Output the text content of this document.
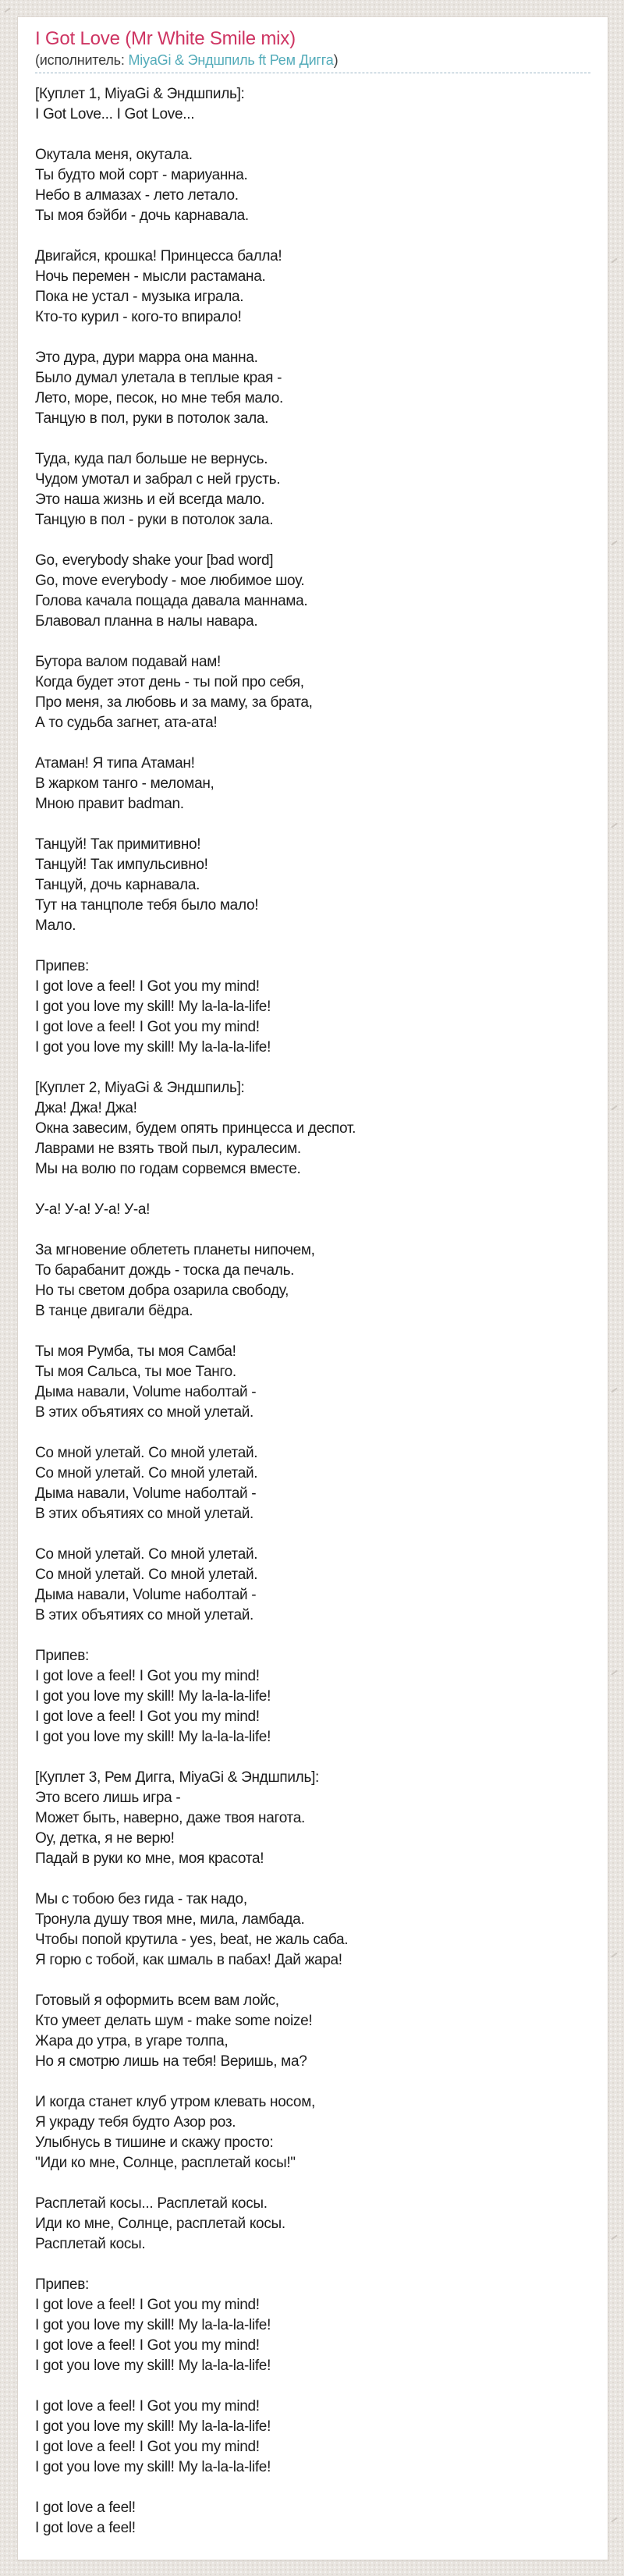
I Got Love (Mr White Smile mix)
(исполнитель: MiyaGi & Эндшпиль ft Рем Дигга)

[Куплет 1, MiyaGi & Эндшпиль]:
I Got Love... I Got Love...

Окутала меня, окутала.
Ты будто мой сорт - мариуанна.
Небо в алмазах - лето летало.
Ты моя бэйби - дочь карнавала.

Двигайся, крошка! Принцесса балла!
Ночь перемен - мысли растамана.
Пока не устал - музыка играла.
Кто-то курил - кого-то впирало!

Это дура, дури марра она манна.
Было думал улетала в теплые края -
Лето, море, песок, но мне тебя мало.
Танцую в пол, руки в потолок зала.

Туда, куда пал больше не вернусь.
Чудом умотал и забрал с ней грусть.
Это наша жизнь и ей всегда мало.
Танцую в пол - руки в потолок зала.

Go, everybody shake your [bad word]
Go, move everybody - мое любимое шоу.
Голова качала пощада давала маннама.
Блавовал планна в налы навара.

Бутора валом подавай нам!
Когда будет этот день - ты пой про себя,
Про меня, за любовь и за маму, за брата,
А то судьба загнет, ата-ата!

Атаман! Я типа Атаман!
В жарком танго - меломан,
Мною правит badman.

Танцуй! Так примитивно!
Танцуй! Так импульсивно!
Танцуй, дочь карнавала.
Тут на танцполе тебя было мало!
Мало.

Припев:
I got love a feel! I Got you my mind!
I got you love my skill! My la-la-la-life!
I got love a feel! I Got you my mind!
I got you love my skill! My la-la-la-life!

[Куплет 2, MiyaGi & Эндшпиль]:
Джа! Джа! Джа!
Окна завесим, будем опять принцесса и деспот.
Лаврами не взять твой пыл, куралесим.
Мы на волю по годам сорвемся вместе.

У-а! У-а! У-а! У-а!

За мгновение облететь планеты нипочем,
То барабанит дождь - тоска да печаль.
Но ты светом добра озарила свободу,
В танце двигали бёдра.

Ты моя Румба, ты моя Самба!
Ты моя Сальса, ты мое Танго.
Дыма навали, Volume наболтай -
В этих объятиях со мной улетай.

Со мной улетай. Со мной улетай.
Со мной улетай. Со мной улетай.
Дыма навали, Volume наболтай -
В этих объятиях со мной улетай.

Со мной улетай. Со мной улетай.
Со мной улетай. Со мной улетай.
Дыма навали, Volume наболтай -
В этих объятиях со мной улетай.

Припев:
I got love a feel! I Got you my mind!
I got you love my skill! My la-la-la-life!
I got love a feel! I Got you my mind!
I got you love my skill! My la-la-la-life!

[Куплет 3, Рем Дигга, MiyaGi & Эндшпиль]:
Это всего лишь игра -
Может быть, наверно, даже твоя нагота.
Оу, детка, я не верю!
Падай в руки ко мне, моя красота!

Мы с тобою без гида - так надо,
Тронула душу твоя мне, мила, ламбада.
Чтобы попой крутила - yes, beat, не жаль саба.
Я горю с тобой, как шмаль в пабах! Дай жара!

Готовый я оформить всем вам лойс,
Кто умеет делать шум - make some noize!
Жара до утра, в угаре толпа,
Но я смотрю лишь на тебя! Веришь, ма?

И когда станет клуб утром клевать носом,
Я украду тебя будто Азор роз.
Улыбнусь в тишине и скажу просто:
"Иди ко мне, Солнце, расплетай косы!"

Расплетай косы... Расплетай косы.
Иди ко мне, Солнце, расплетай косы.
Расплетай косы.

Припев:
I got love a feel! I Got you my mind!
I got you love my skill! My la-la-la-life!
I got love a feel! I Got you my mind!
I got you love my skill! My la-la-la-life!

I got love a feel! I Got you my mind!
I got you love my skill! My la-la-la-life!
I got love a feel! I Got you my mind!
I got you love my skill! My la-la-la-life!

I got love a feel!
I got love a feel!
